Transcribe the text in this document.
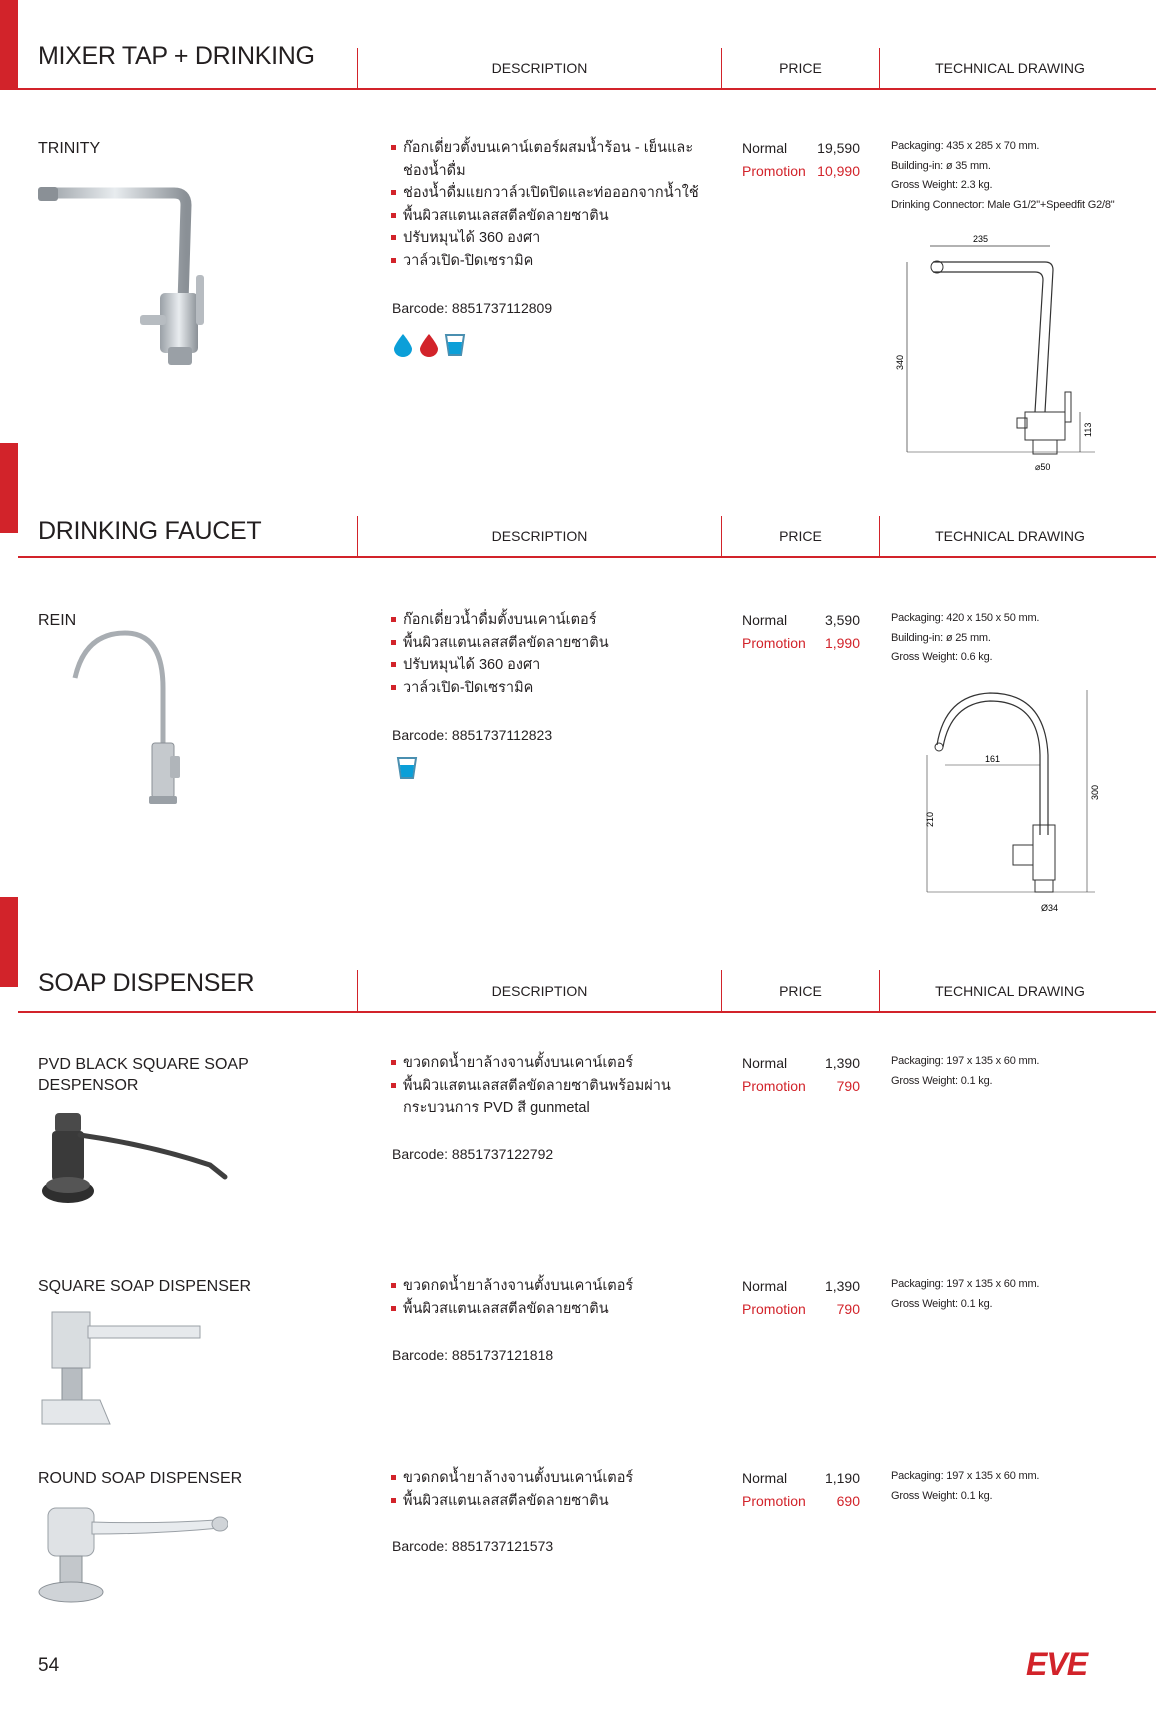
MIXER TAP + DRINKING	DESCRIPTION	PRICE	TECHNICAL DRAWING
TRINITY	ก๊อกเดี่ยวตั้งบนเคาน์เตอร์ผสมน้ำร้อน - เย็นและ
ช่องน้ำดื่ม
ช่องน้ำดื่มแยกวาล์วเปิดปิดและท่อออกจากน้ำใช้
พื้นผิวสแตนเลสสตีลขัดลายซาติน
ปรับหมุนได้ 360 องศา
วาล์วเปิด-ปิดเซรามิค
Barcode: 8851737112809
Normal 19,590
Promotion 10,990
Packaging: 435 x 285 x 70 mm.
Building-in: ø 35 mm.
Gross Weight: 2.3 kg.
Drinking Connector: Male G1/2"+Speedfit G2/8"
235
340
113
⌀50
DRINKING FAUCET	DESCRIPTION	PRICE	TECHNICAL DRAWING
REIN	ก๊อกเดี่ยวน้ำดื่มตั้งบนเคาน์เตอร์
พื้นผิวสแตนเลสสตีลขัดลายซาติน
ปรับหมุนได้ 360 องศา
วาล์วเปิด-ปิดเซรามิค
Barcode: 8851737112823
Normal	3,590
Promotion 1,990
Packaging: 420 x 150 x 50 mm.
Building-in: ø 25 mm.
Gross Weight: 0.6 kg.
161
210
300
Ø34
SOAP DISPENSER	DESCRIPTION	PRICE	TECHNICAL DRAWING
PVD BLACK SQUARE SOAP
DESPENSOR
ขวดกดน้ำยาล้างจานตั้งบนเคาน์เตอร์
พื้นผิวแสตนเลสสตีลขัดลายซาตินพร้อมผ่าน
กระบวนการ PVD สี gunmetal
Barcode: 8851737122792
Normal	1,390
Promotion 790
Packaging: 197 x 135 x 60 mm.
Gross Weight: 0.1 kg.
SQUARE SOAP DISPENSER	ขวดกดน้ำยาล้างจานตั้งบนเคาน์เตอร์
พื้นผิวสแตนเลสสตีลขัดลายซาติน
Barcode: 8851737121818
Normal	1,390
Promotion 790
Packaging: 197 x 135 x 60 mm.
Gross Weight: 0.1 kg.
ROUND SOAP DISPENSER	ขวดกดน้ำยาล้างจานตั้งบนเคาน์เตอร์
พื้นผิวสแตนเลสสตีลขัดลายซาติน
Barcode: 8851737121573
Normal	1,190
Promotion 690
Packaging: 197 x 135 x 60 mm.
Gross Weight: 0.1 kg.
54	EVE
